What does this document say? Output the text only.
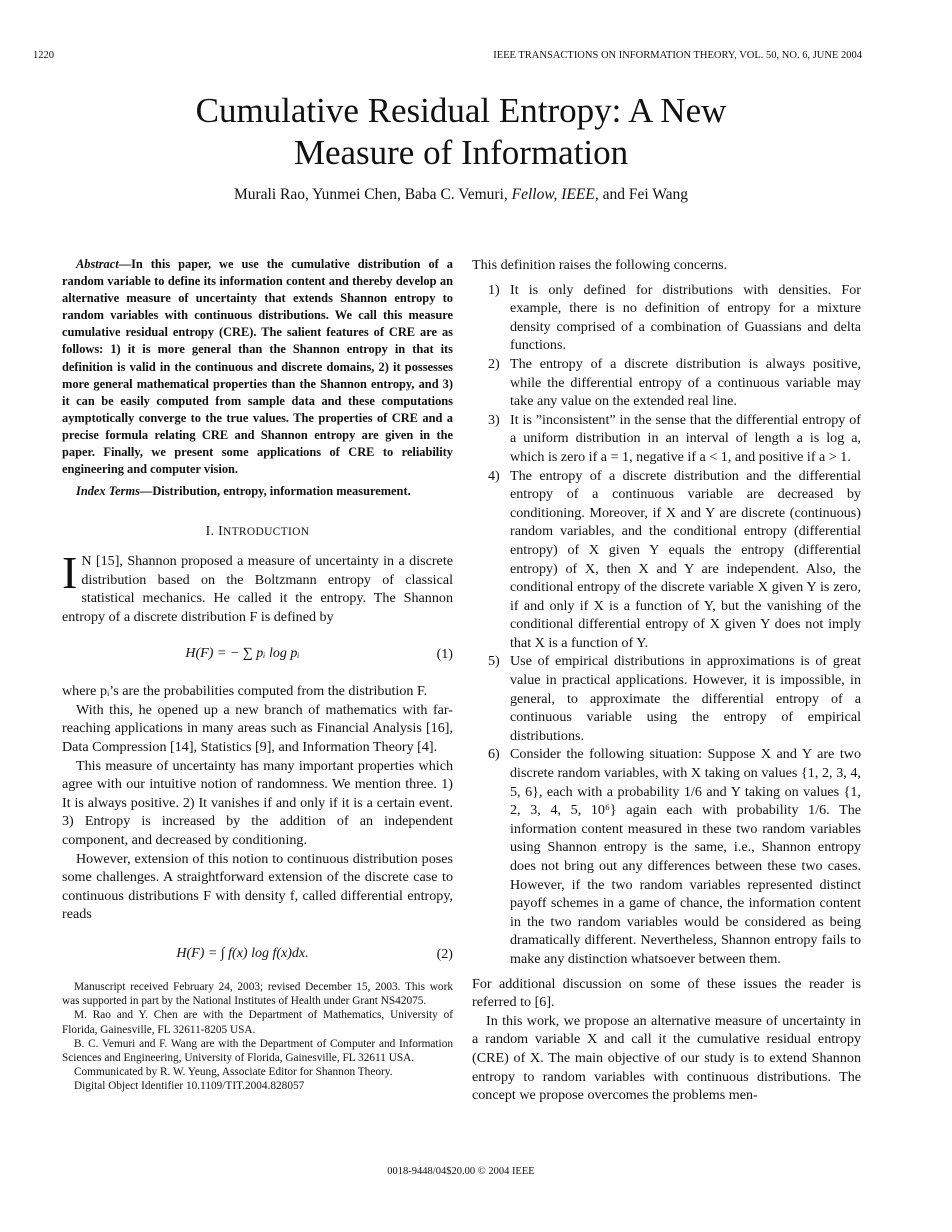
1220	IEEE TRANSACTIONS ON INFORMATION THEORY, VOL. 50, NO. 6, JUNE 2004
Cumulative Residual Entropy: A New
Measure of Information
Murali Rao, Yunmei Chen, Baba C. Vemuri, Fellow, IEEE, and Fei Wang

Abstract—In this paper, we use the cumulative distribution of a random variable to define its information content and thereby develop an alternative measure of uncertainty that extends Shannon entropy to random variables with continuous distributions. We call this measure cumulative residual entropy (CRE). The salient features of CRE are as follows: 1) it is more general than the Shannon entropy in that its definition is valid in the continuous and discrete domains, 2) it possesses more general mathematical properties than the Shannon entropy, and 3) it can be easily computed from sample data and these computations aymptotically converge to the true values. The properties of CRE and a precise formula relating CRE and Shannon entropy are given in the paper. Finally, we present some applications of CRE to reliability engineering and computer vision.

Index Terms—Distribution, entropy, information measurement.

I. INTRODUCTION

I N [15], Shannon proposed a measure of uncertainty in a discrete distribution based on the Boltzmann entropy of classical statistical mechanics. He called it the entropy. The Shannon entropy of a discrete distribution F is defined by

H(F) = − ∑ pᵢ log pᵢ	(1)

where pᵢ’s are the probabilities computed from the distribution F.

With this, he opened up a new branch of mathematics with far-reaching applications in many areas such as Financial Analysis [16], Data Compression [14], Statistics [9], and Information Theory [4].

This measure of uncertainty has many important properties which agree with our intuitive notion of randomness. We mention three. 1) It is always positive. 2) It vanishes if and only if it is a certain event. 3) Entropy is increased by the addition of an independent component, and decreased by conditioning.

However, extension of this notion to continuous distribution poses some challenges. A straightforward extension of the discrete case to continuous distributions F with density f, called differential entropy, reads

H(F) = ∫ f(x) log f(x)dx.	(2)

Manuscript received February 24, 2003; revised December 15, 2003. This work was supported in part by the National Institutes of Health under Grant NS42075.

M. Rao and Y. Chen are with the Department of Mathematics, University of Florida, Gainesville, FL 32611-8205 USA.

B. C. Vemuri and F. Wang are with the Department of Computer and Information Sciences and Engineering, University of Florida, Gainesville, FL 32611 USA.

Communicated by R. W. Yeung, Associate Editor for Shannon Theory.

Digital Object Identifier 10.1109/TIT.2004.828057

This definition raises the following concerns.

1) It is only defined for distributions with densities. For example, there is no definition of entropy for a mixture density comprised of a combination of Guassians and delta functions.
2) The entropy of a discrete distribution is always positive, while the differential entropy of a continuous variable may take any value on the extended real line.
3) It is ”inconsistent” in the sense that the differential entropy of a uniform distribution in an interval of length a is log a, which is zero if a = 1, negative if a < 1, and positive if a > 1.
4) The entropy of a discrete distribution and the differential entropy of a continuous variable are decreased by conditioning. Moreover, if X and Y are discrete (continuous) random variables, and the conditional entropy (differential entropy) of X given Y equals the entropy (differential entropy) of X, then X and Y are independent. Also, the conditional entropy of the discrete variable X given Y is zero, if and only if X is a function of Y, but the vanishing of the conditional differential entropy of X given Y does not imply that X is a function of Y.
5) Use of empirical distributions in approximations is of great value in practical applications. However, it is impossible, in general, to approximate the differential entropy of a continuous variable using the entropy of empirical distributions.
6) Consider the following situation: Suppose X and Y are two discrete random variables, with X taking on values {1, 2, 3, 4, 5, 6}, each with a probability 1/6 and Y taking on values {1, 2, 3, 4, 5, 10⁶} again each with probability 1/6. The information content measured in these two random variables using Shannon entropy is the same, i.e., Shannon entropy does not bring out any differences between these two cases. However, if the two random variables represented distinct payoff schemes in a game of chance, the information content in the two random variables would be considered as being dramatically different. Nevertheless, Shannon entropy fails to make any distinction whatsoever between them.

For additional discussion on some of these issues the reader is referred to [6].

In this work, we propose an alternative measure of uncertainty in a random variable X and call it the cumulative residual entropy (CRE) of X. The main objective of our study is to extend Shannon entropy to random variables with continuous distributions. The concept we propose overcomes the problems men-

0018-9448/04$20.00 © 2004 IEEE
